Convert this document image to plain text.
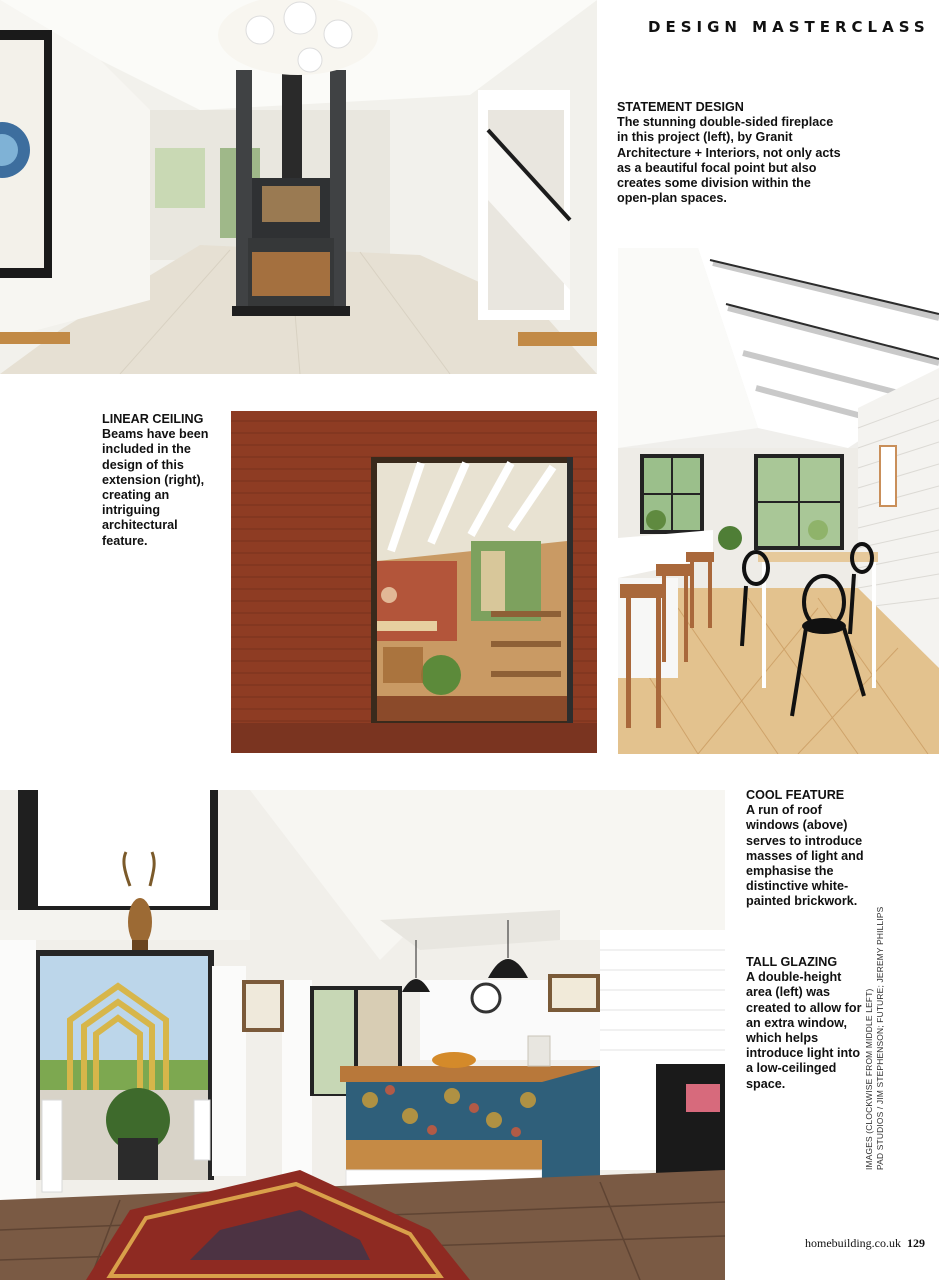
DESIGN MASTERCLASS
STATEMENT DESIGN
The stunning double-sided fireplace in this project (left), by Granit Architecture + Interiors, not only acts as a beautiful focal point but also creates some division within the open-plan spaces.
LINEAR CEILING
Beams have been included in the design of this extension (right), creating an intriguing architectural feature.
COOL FEATURE
A run of roof windows (above) serves to introduce masses of light and emphasise the distinctive white-painted brickwork.
TALL GLAZING
A double-height area (left) was created to allow for an extra window, which helps introduce light into a low-ceilinged space.	IMAGES (CLOCKWISE FROM MIDDLE LEFT) PAD STUDIOS / JIM STEPHENSON; FUTURE; JEREMY PHILLIPS
homebuilding.co.uk 129
